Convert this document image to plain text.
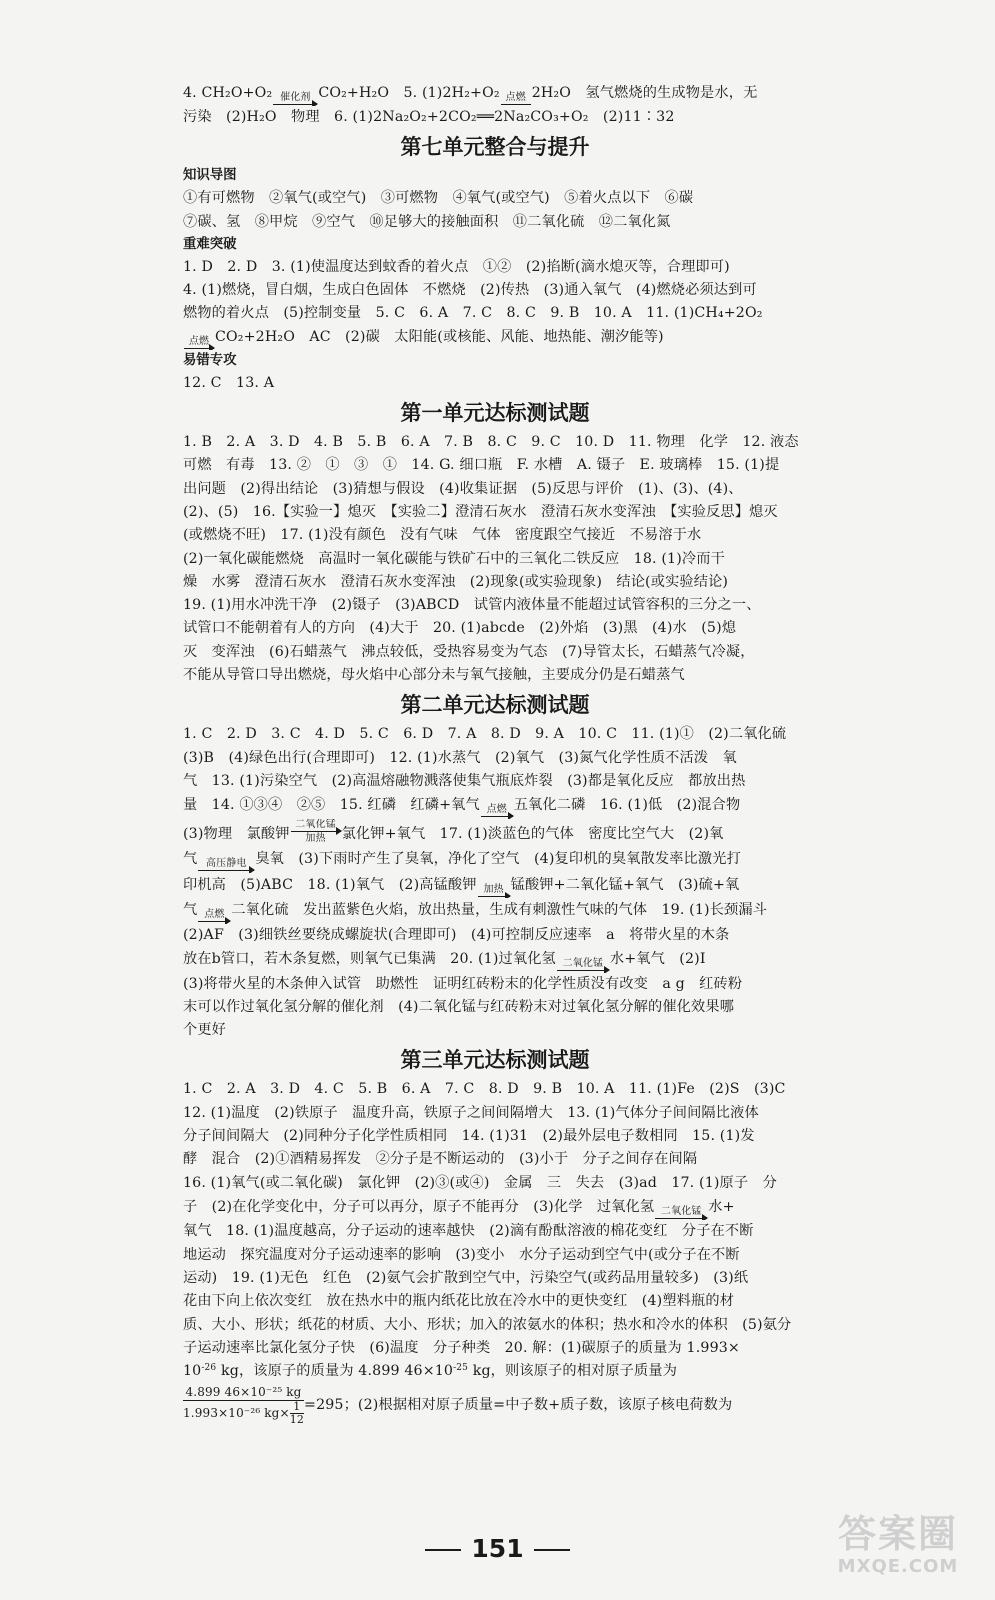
4. CH₂O+O₂ 催化剂 CO₂+H₂O　5. (1)2H₂+O₂ 点燃 2H₂O　氢气燃烧的生成物是水，无
污染　(2)H₂O　物理　6. (1)2Na₂O₂+2CO₂══2Na₂CO₃+O₂　(2)11∶32
第七单元整合与提升
知识导图
①有可燃物　②氧气(或空气)　③可燃物　④氧气(或空气)　⑤着火点以下　⑥碳
⑦碳、氢　⑧甲烷　⑨空气　⑩足够大的接触面积　⑪二氧化硫　⑫二氧化氮
重难突破
1. D　2. D　3. (1)使温度达到蚊香的着火点　①②　(2)掐断(滴水熄灭等，合理即可)
4. (1)燃烧，冒白烟，生成白色固体　不燃烧　(2)传热　(3)通入氧气　(4)燃烧必须达到可
燃物的着火点　(5)控制变量　5. C　6. A　7. C　8. C　9. B　10. A　11. (1)CH₄+2O₂
点燃 CO₂+2H₂O　AC　(2)碳　太阳能(或核能、风能、地热能、潮汐能等)
易错专攻
12. C　13. A
第一单元达标测试题
1. B　2. A　3. D　4. B　5. B　6. A　7. B　8. C　9. C　10. D　11. 物理　化学　12. 液态
可燃　有毒　13. ②　①　③　①　14. G. 细口瓶　F. 水槽　A. 镊子　E. 玻璃棒　15. (1)提
出问题　(2)得出结论　(3)猜想与假设　(4)收集证据　(5)反思与评价　(1)、(3)、(4)、
(2)、(5)　16.【实验一】熄灭　【实验二】澄清石灰水　澄清石灰水变浑浊　【实验反思】熄灭
(或燃烧不旺)　17. (1)没有颜色　没有气味　气体　密度跟空气接近　不易溶于水
(2)一氧化碳能燃烧　高温时一氧化碳能与铁矿石中的三氧化二铁反应　18. (1)冷而干
燥　水雾　澄清石灰水　澄清石灰水变浑浊　(2)现象(或实验现象)　结论(或实验结论)
19. (1)用水冲洗干净　(2)镊子　(3)ABCD　试管内液体量不能超过试管容积的三分之一、
试管口不能朝着有人的方向　(4)大于　20. (1)abcde　(2)外焰　(3)黑　(4)水　(5)熄
灭　变浑浊　(6)石蜡蒸气　沸点较低，受热容易变为气态　(7)导管太长，石蜡蒸气冷凝，
不能从导管口导出燃烧，母火焰中心部分未与氧气接触，主要成分仍是石蜡蒸气
第二单元达标测试题
1. C　2. D　3. C　4. D　5. C　6. D　7. A　8. D　9. A　10. C　11. (1)①　(2)二氧化硫
(3)B　(4)绿色出行(合理即可)　12. (1)水蒸气　(2)氧气　(3)氮气化学性质不活泼　氧
气　13. (1)污染空气　(2)高温熔融物溅落使集气瓶底炸裂　(3)都是氧化反应　都放出热
量　14. ①③④　②⑤　15. 红磷　红磷+氧气 点燃 五氧化二磷　16. (1)低　(2)混合物
(3)物理　氯酸钾
二氧化锰
加热	氯化钾+氧气　17. (1)淡蓝色的气体　密度比空气大　(2)氧
气 高压静电 臭氧　(3)下雨时产生了臭氧，净化了空气　(4)复印机的臭氧散发率比激光打
印机高　(5)ABC　18. (1)氧气　(2)高锰酸钾 加热 锰酸钾+二氧化锰+氧气　(3)硫+氧
气 点燃 二氧化硫　发出蓝紫色火焰，放出热量，生成有刺激性气味的气体　19. (1)长颈漏斗
(2)AF　(3)细铁丝要绕成螺旋状(合理即可)　(4)可控制反应速率　a　将带火星的木条
放在b管口，若木条复燃，则氧气已集满　20. (1)过氧化氢 二氧化锰 水+氧气　(2)Ⅰ
(3)将带火星的木条伸入试管　助燃性　证明红砖粉末的化学性质没有改变　a g　红砖粉
末可以作过氧化氢分解的催化剂　(4)二氧化锰与红砖粉末对过氧化氢分解的催化效果哪
个更好
第三单元达标测试题
1. C　2. A　3. D　4. C　5. B　6. A　7. C　8. D　9. B　10. A　11. (1)Fe　(2)S　(3)C
12. (1)温度　(2)铁原子　温度升高，铁原子之间间隔增大　13. (1)气体分子间间隔比液体
分子间间隔大　(2)同种分子化学性质相同　14. (1)31　(2)最外层电子数相同　15. (1)发
酵　混合　(2)①酒精易挥发　②分子是不断运动的　(3)小于　分子之间存在间隔
16. (1)氧气(或二氧化碳)　氯化钾　(2)③(或④)　金属　三　失去　(3)ad　17. (1)原子　分
子　(2)在化学变化中，分子可以再分，原子不能再分　(3)化学　过氧化氢 二氧化锰 水+
氧气　18. (1)温度越高，分子运动的速率越快　(2)滴有酚酞溶液的棉花变红　分子在不断
地运动　探究温度对分子运动速率的影响　(3)变小　水分子运动到空气中(或分子在不断
运动)　19. (1)无色　红色　(2)氨气会扩散到空气中，污染空气(或药品用量较多)　(3)纸
花由下向上依次变红　放在热水中的瓶内纸花比放在冷水中的更快变红　(4)塑料瓶的材
质、大小、形状；纸花的材质、大小、形状；加入的浓氨水的体积；热水和冷水的体积　(5)氨分
子运动速率比氯化氢分子快　(6)温度　分子种类　20. 解：(1)碳原子的质量为 1.993×
$10^{-26}$ kg，该原子的质量为 4.899 $46\times 10^{-25}$ kg，则该原子的相对原子质量为
$\frac{\text{4.899 46×10⁻²⁵ kg}}{1.993\times 10^{-26} kg\times \frac{1}{12}} =295$；(2)根据相对原子质量=中子数+质子数，该原子核电荷数为
151	答案圈
MXQE.COM
